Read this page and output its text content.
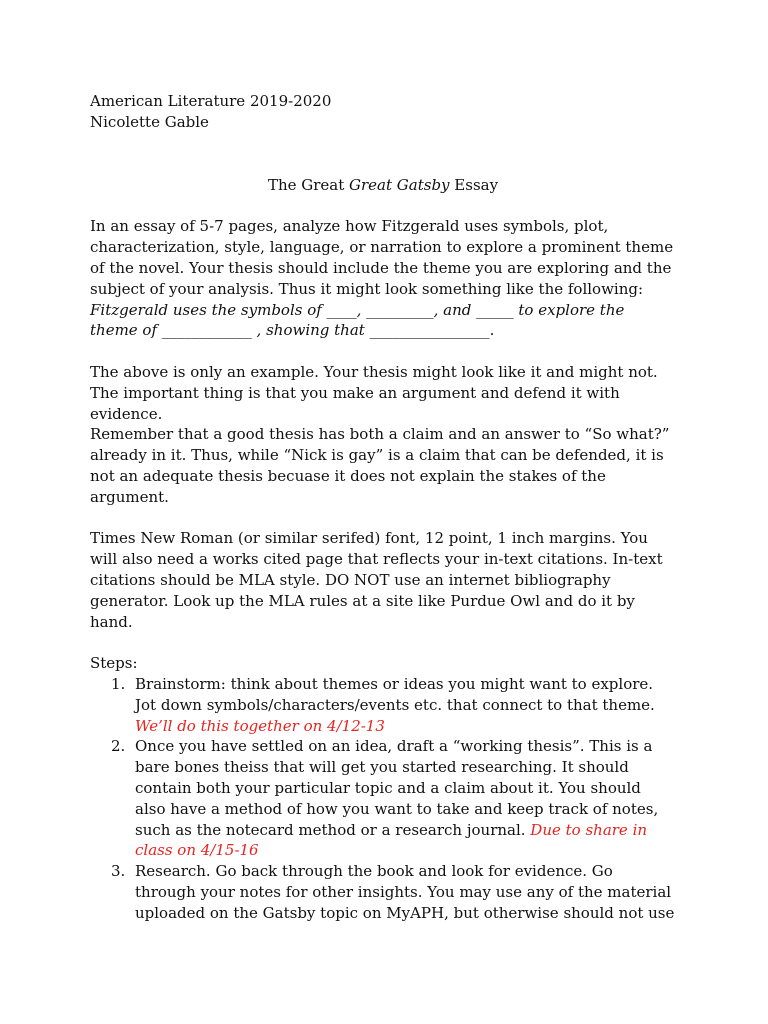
American Literature 2019-2020
Nicolette Gable
The Great Great Gatsby Essay
In an essay of 5-7 pages, analyze how Fitzgerald uses symbols, plot,
characterization, style, language, or narration to explore a prominent theme
of the novel. Your thesis should include the theme you are exploring and the
subject of your analysis. Thus it might look something like the following:
Fitzgerald uses the symbols of ____, _________, and _____ to explore the
theme of ____________ , showing that ________________.
The above is only an example. Your thesis might look like it and might not.
The important thing is that you make an argument and defend it with
evidence.
Remember that a good thesis has both a claim and an answer to “So what?”
already in it. Thus, while “Nick is gay” is a claim that can be defended, it is
not an adequate thesis becuase it does not explain the stakes of the
argument.
Times New Roman (or similar serifed) font, 12 point, 1 inch margins. You
will also need a works cited page that reflects your in-text citations. In-text
citations should be MLA style. DO NOT use an internet bibliography
generator. Look up the MLA rules at a site like Purdue Owl and do it by
hand.
Steps:
1. Brainstorm: think about themes or ideas you might want to explore.
Jot down symbols/characters/events etc. that connect to that theme.
We’ll do this together on 4/12-13
2. Once you have settled on an idea, draft a “working thesis”. This is a
bare bones theiss that will get you started researching. It should
contain both your particular topic and a claim about it. You should
also have a method of how you want to take and keep track of notes,
such as the notecard method or a research journal. Due to share in
class on 4/15-16
3. Research. Go back through the book and look for evidence. Go
through your notes for other insights. You may use any of the material
uploaded on the Gatsby topic on MyAPH, but otherwise should not use
